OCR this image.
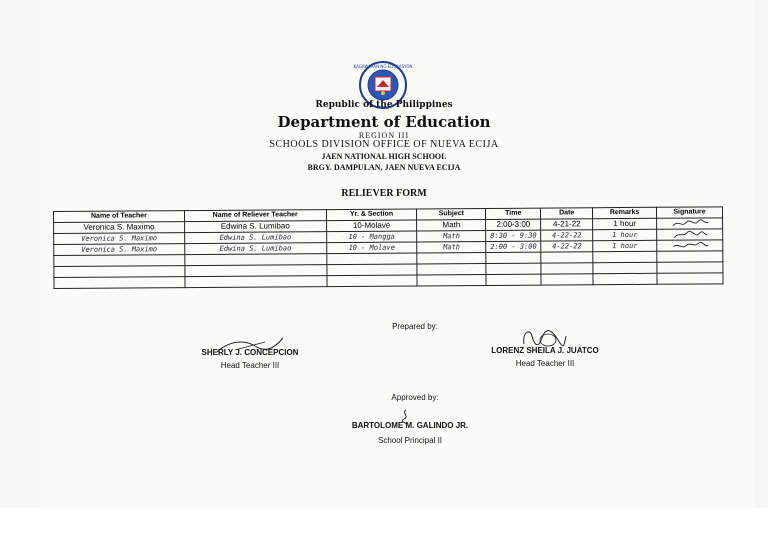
KAGAWARAN NG EDUKASYON
Republic of the Philippines
Department of Education
REGION III
SCHOOLS DIVISION OFFICE OF NUEVA ECIJA
JAEN NATIONAL HIGH SCHOOL
BRGY. DAMPULAN, JAEN NUEVA ECIJA
RELIEVER FORM
Name of Teacher	Name of Reliever Teacher	Yr. & Section	Subject	Time	Date	Remarks	Signature
Veronica S. Maximo	Edwina S. Lumibao	10-Molave	Math	2:00-3:00	4-21-22	1 hour	

Veronica S. Maximo	Edwina S. Lumibao	10 - Mangga	Math	8:30 - 9:30	4-22-22	1 hour	

Veronica S. Maximo	Edwina S. Lumibao	10 - Molave	Math	2:00 - 3:00	4-22-22	1 hour	

Prepared by:
SHERLY J. CONCEPCION
Head Teacher III
LORENZ SHEILA J. JUATCO
Head Teacher III
Approved by:
BARTOLOME M. GALINDO JR.
School Principal II
